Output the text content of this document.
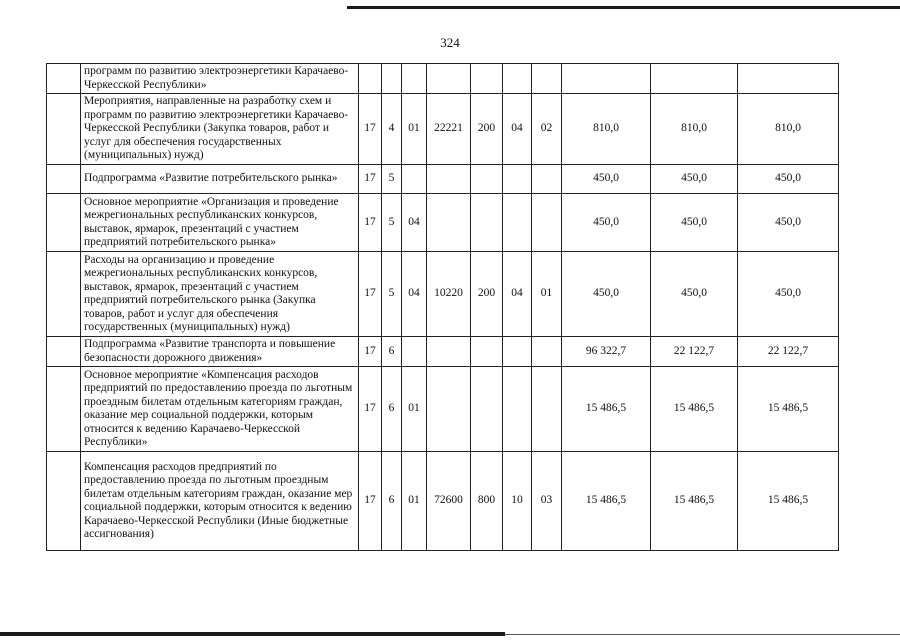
324
	программ по развитию электроэнергетики Карачаево-Черкесской Республики»										
	Мероприятия, направленные на разработку схем и программ по развитию электроэнергетики Карачаево-Черкесской Республики (Закупка товаров, работ и услуг для обеспечения государственных (муниципальных) нужд)	17	4	01	22221	200	04	02	810,0	810,0	810,0
	Подпрограмма «Развитие потребительского рынка»	17	5						450,0	450,0	450,0
	Основное мероприятие «Организация и проведение межрегиональных республиканских конкурсов, выставок, ярмарок, презентаций с участием предприятий потребительского рынка»	17	5	04					450,0	450,0	450,0
	Расходы на организацию и проведение межрегиональных республиканских конкурсов, выставок, ярмарок, презентаций с участием предприятий потребительского рынка (Закупка товаров, работ и услуг для обеспечения государственных (муниципальных) нужд)	17	5	04	10220	200	04	01	450,0	450,0	450,0
	Подпрограмма «Развитие транспорта и повышение безопасности дорожного движения»	17	6						96 322,7	22 122,7	22 122,7
	Основное мероприятие «Компенсация расходов предприятий по предоставлению проезда по льготным проездным билетам отдельным категориям граждан, оказание мер социальной поддержки, которым относится к ведению Карачаево-Черкесской Республики»	17	6	01					15 486,5	15 486,5	15 486,5
	Компенсация расходов предприятий по предоставлению проезда по льготным проездным билетам отдельным категориям граждан, оказание мер социальной поддержки, которым относится к ведению Карачаево-Черкесской Республики (Иные бюджетные ассигнования)	17	6	01	72600	800	10	03	15 486,5	15 486,5	15 486,5
